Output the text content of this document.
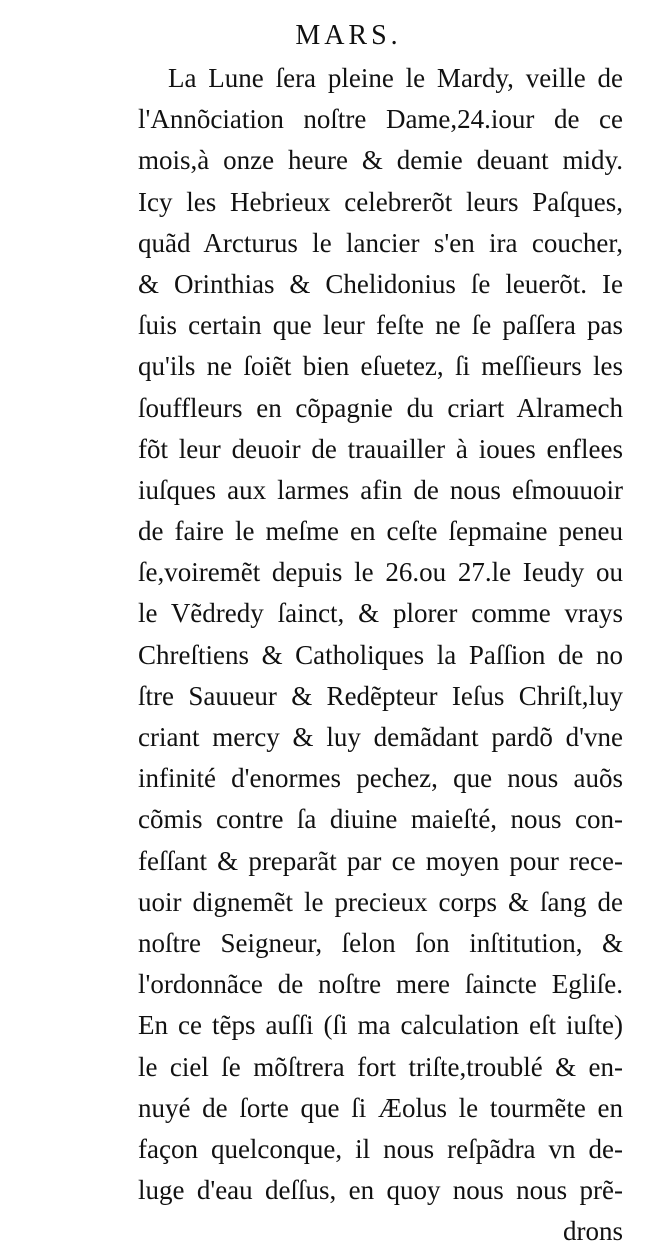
MARS.
La Lune ſera pleine le Mardy, veille de
l'Annõciation noſtre Dame,24.iour de ce
mois,à onze heure & demie deuant midy.
Icy les Hebrieux celebrerõt leurs Paſques,
quãd Arcturus le lancier s'en ira coucher,
& Orinthias & Chelidonius ſe leuerõt. Ie
ſuis certain que leur feſte ne ſe paſſera pas
qu'ils ne ſoiẽt bien eſuetez, ſi meſſieurs les
ſouffleurs en cõpagnie du criart Alramech
fõt leur deuoir de trauailler à ioues enflees
iuſques aux larmes afin de nous eſmouuoir
de faire le meſme en ceſte ſepmaine peneu
ſe,voiremẽt depuis le 26.ou 27.le Ieudy ou
le Vẽdredy ſainct, & plorer comme vrays
Chreſtiens & Catholiques la Paſſion de no
ſtre Sauueur & Redẽpteur Ieſus Chriſt,luy
criant mercy & luy demãdant pardõ d'vne
infinité d'enormes pechez, que nous auõs
cõmis contre ſa diuine maieſté, nous con-
feſſant & preparãt par ce moyen pour rece-
uoir dignemẽt le precieux corps & ſang de
noſtre Seigneur, ſelon ſon inſtitution, &
l'ordonnãce de noſtre mere ſaincte Egliſe.
En ce tẽps auſſi (ſi ma calculation eſt iuſte)
le ciel ſe mõſtrera fort triſte,troublé & en-
nuyé de ſorte que ſi Æolus le tourmẽte en
façon quelconque, il nous reſpãdra vn de-
luge d'eau deſſus, en quoy nous nous prẽ-
drons
